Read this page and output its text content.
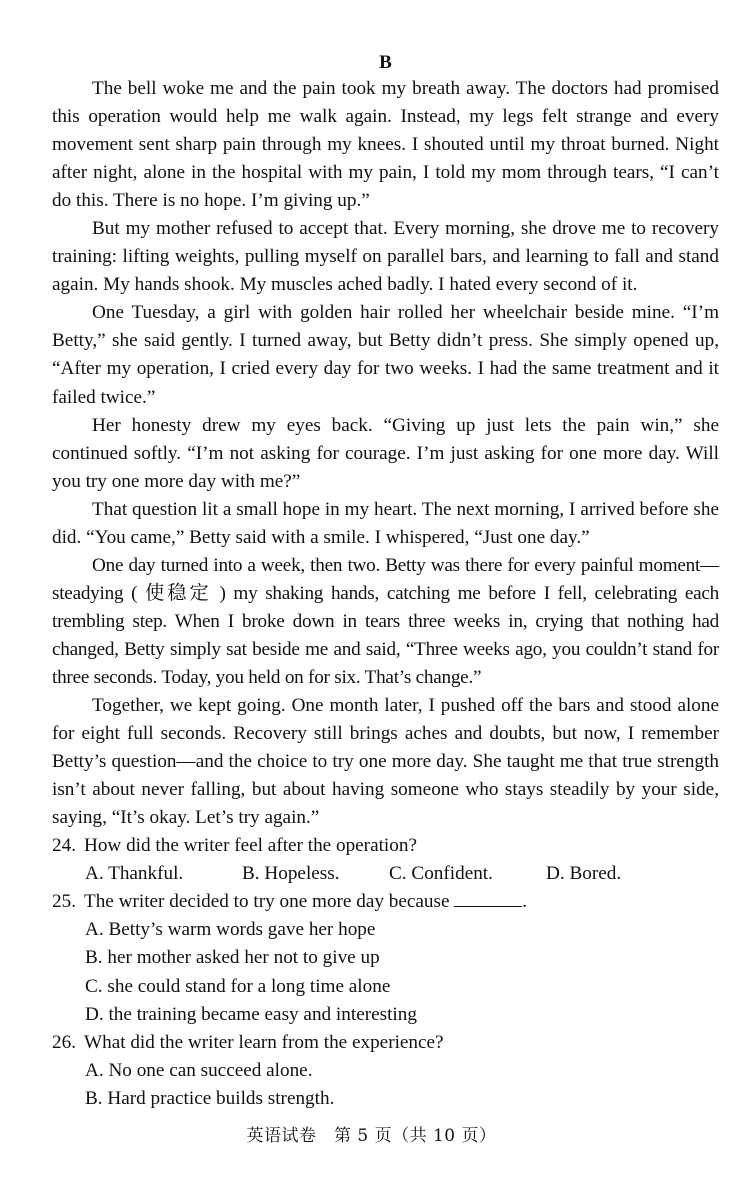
B

The bell woke me and the pain took my breath away. The doctors had promised this operation would help me walk again. Instead, my legs felt strange and every movement sent sharp pain through my knees. I shouted until my throat burned. Night after night, alone in the hospital with my pain, I told my mom through tears, “I can’t do this. There is no hope. I’m giving up.”

But my mother refused to accept that. Every morning, she drove me to recovery training: lifting weights, pulling myself on parallel bars, and learning to fall and stand again. My hands shook. My muscles ached badly. I hated every second of it.

One Tuesday, a girl with golden hair rolled her wheelchair beside mine. “I’m Betty,” she said gently. I turned away, but Betty didn’t press. She simply opened up, “After my operation, I cried every day for two weeks. I had the same treatment and it failed twice.”

Her honesty drew my eyes back. “Giving up just lets the pain win,” she continued softly. “I’m not asking for courage. I’m just asking for one more day. Will you try one more day with me?”

That question lit a small hope in my heart. The next morning, I arrived before she did. “You came,” Betty said with a smile. I whispered, “Just one day.”

One day turned into a week, then two. Betty was there for every painful moment—steadying ( 使稳定 ) my shaking hands, catching me before I fell, celebrating each trembling step. When I broke down in tears three weeks in, crying that nothing had changed, Betty simply sat beside me and said, “Three weeks ago, you couldn’t stand for three seconds. Today, you held on for six. That’s change.”

Together, we kept going. One month later, I pushed off the bars and stood alone for eight full seconds. Recovery still brings aches and doubts, but now, I remember Betty’s question—and the choice to try one more day. She taught me that true strength isn’t about never falling, but about having someone who stays steadily by your side, saying, “It’s okay. Let’s try again.”

24. How did the writer feel after the operation?
A. Thankful.	B. Hopeless.	C. Confident.	D. Bored.
25. The writer decided to try one more day because	.
A. Betty’s warm words gave her hope
B. her mother asked her not to give up
C. she could stand for a long time alone
D. the training became easy and interesting
26. What did the writer learn from the experience?
A. No one can succeed alone.
B. Hard practice builds strength.
英语试卷　第 5 页（共 10 页）
